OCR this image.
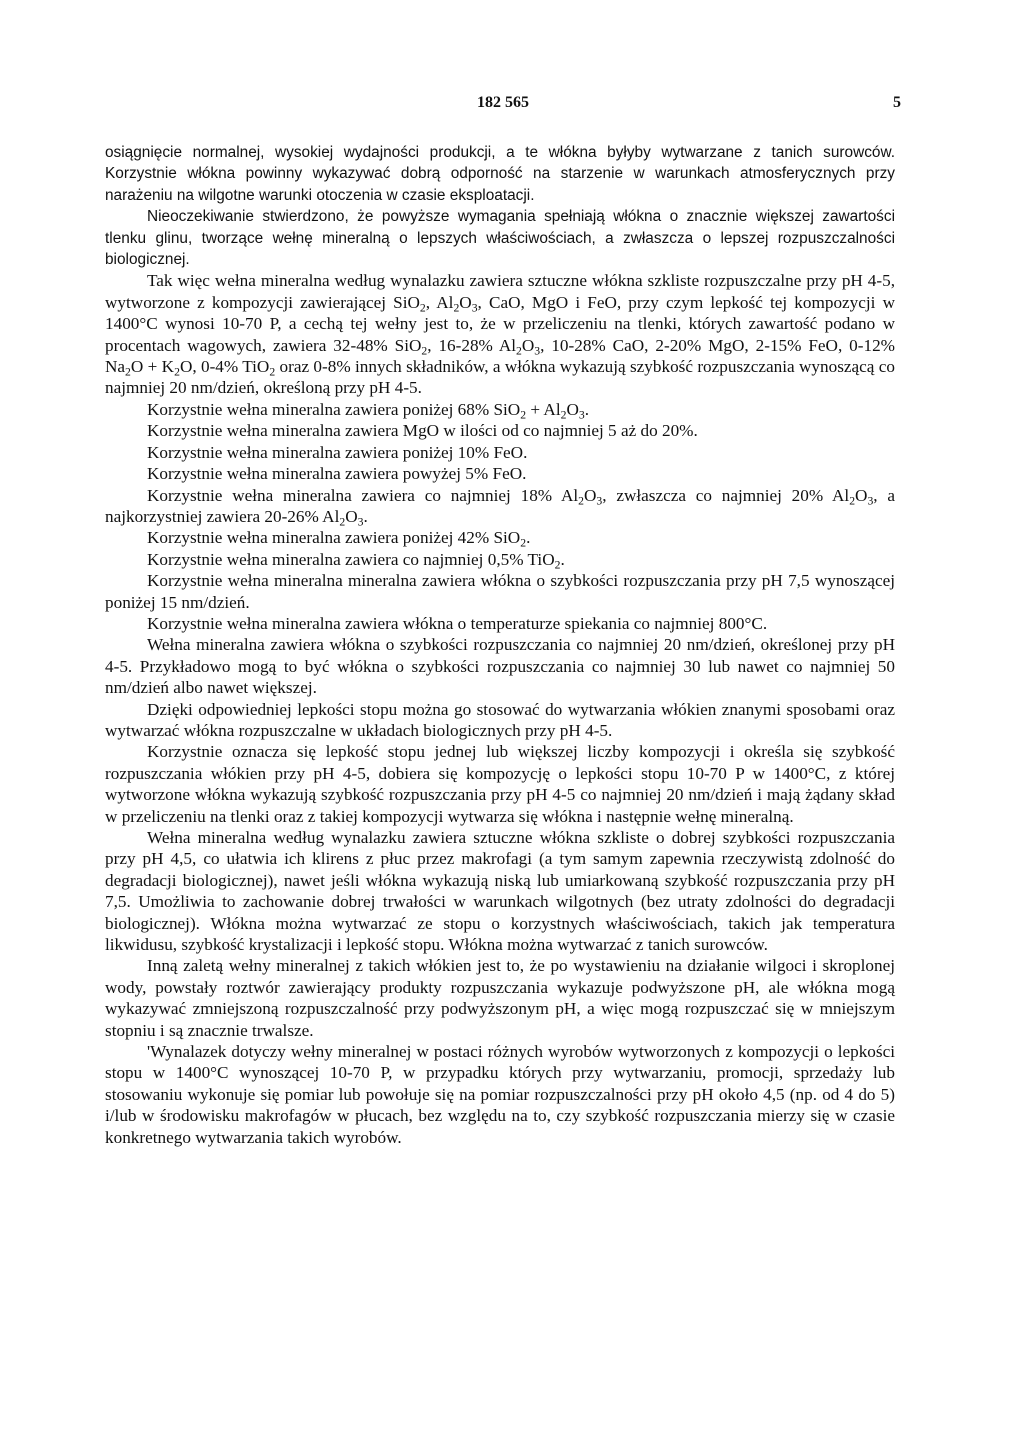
182 565	5

osiągnięcie normalnej, wysokiej wydajności produkcji, a te włókna byłyby wytwarzane z tanich surowców. Korzystnie włókna powinny wykazywać dobrą odporność na starzenie w warunkach atmosferycznych przy narażeniu na wilgotne warunki otoczenia w czasie eksploatacji.

Nieoczekiwanie stwierdzono, że powyższe wymagania spełniają włókna o znacznie większej zawartości tlenku glinu, tworzące wełnę mineralną o lepszych właściwościach, a zwłaszcza o lepszej rozpuszczalności biologicznej.

Tak więc wełna mineralna według wynalazku zawiera sztuczne włókna szkliste rozpuszczalne przy pH 4-5, wytworzone z kompozycji zawierającej SiO$_2$, $Al_2O_3$, CaO, MgO i FeO, przy czym lepkość tej kompozycji w 1400°C wynosi 10-70 P, a cechą tej wełny jest to, że w przeliczeniu na tlenki, których zawartość podano w procentach wagowych, zawiera 32-48% SiO$_2$, 16-28% $Al_2O_3$, 10-28% CaO, 2-20% MgO, 2-15% FeO, 0-12% $Na_2O + K_2O$, 0-4% TiO$_2$ oraz 0-8% innych składników, a włókna wykazują szybkość rozpuszczania wynoszącą co najmniej 20 nm/dzień, określoną przy pH 4-5.

Korzystnie wełna mineralna zawiera poniżej 68% $SiO_2 + Al_2O_3$.

Korzystnie wełna mineralna zawiera MgO w ilości od co najmniej 5 aż do 20%.

Korzystnie wełna mineralna zawiera poniżej 10% FeO.

Korzystnie wełna mineralna zawiera powyżej 5% FeO.

Korzystnie wełna mineralna zawiera co najmniej 18% $Al_2O_3$, zwłaszcza co najmniej 20% $Al_2O_3$, a najkorzystniej zawiera 20-26% $Al_2O_3$.

Korzystnie wełna mineralna zawiera poniżej 42% SiO$_2$.

Korzystnie wełna mineralna zawiera co najmniej 0,5% TiO$_2$.

Korzystnie wełna mineralna mineralna zawiera włókna o szybkości rozpuszczania przy pH 7,5 wynoszącej poniżej 15 nm/dzień.

Korzystnie wełna mineralna zawiera włókna o temperaturze spiekania co najmniej 800°C.

Wełna mineralna zawiera włókna o szybkości rozpuszczania co najmniej 20 nm/dzień, określonej przy pH 4-5. Przykładowo mogą to być włókna o szybkości rozpuszczania co najmniej 30 lub nawet co najmniej 50 nm/dzień albo nawet większej.

Dzięki odpowiedniej lepkości stopu można go stosować do wytwarzania włókien znanymi sposobami oraz wytwarzać włókna rozpuszczalne w układach biologicznych przy pH 4-5.

Korzystnie oznacza się lepkość stopu jednej lub większej liczby kompozycji i określa się szybkość rozpuszczania włókien przy pH 4-5, dobiera się kompozycję o lepkości stopu 10-70 P w 1400°C, z której wytworzone włókna wykazują szybkość rozpuszczania przy pH 4-5 co najmniej 20 nm/dzień i mają żądany skład w przeliczeniu na tlenki oraz z takiej kompozycji wytwarza się włókna i następnie wełnę mineralną.

Wełna mineralna według wynalazku zawiera sztuczne włókna szkliste o dobrej szybkości rozpuszczania przy pH 4,5, co ułatwia ich klirens z płuc przez makrofagi (a tym samym zapewnia rzeczywistą zdolność do degradacji biologicznej), nawet jeśli włókna wykazują niską lub umiarkowaną szybkość rozpuszczania przy pH 7,5. Umożliwia to zachowanie dobrej trwałości w warunkach wilgotnych (bez utraty zdolności do degradacji biologicznej). Włókna można wytwarzać ze stopu o korzystnych właściwościach, takich jak temperatura likwidusu, szybkość krystalizacji i lepkość stopu. Włókna można wytwarzać z tanich surowców.

Inną zaletą wełny mineralnej z takich włókien jest to, że po wystawieniu na działanie wilgoci i skroplonej wody, powstały roztwór zawierający produkty rozpuszczania wykazuje podwyższone pH, ale włókna mogą wykazywać zmniejszoną rozpuszczalność przy podwyższonym pH, a więc mogą rozpuszczać się w mniejszym stopniu i są znacznie trwalsze.

'Wynalazek dotyczy wełny mineralnej w postaci różnych wyrobów wytworzonych z kompozycji o lepkości stopu w 1400°C wynoszącej 10-70 P, w przypadku których przy wytwarzaniu, promocji, sprzedaży lub stosowaniu wykonuje się pomiar lub powołuje się na pomiar rozpuszczalności przy pH około 4,5 (np. od 4 do 5) i/lub w środowisku makrofagów w płucach, bez względu na to, czy szybkość rozpuszczania mierzy się w czasie konkretnego wytwarzania takich wyrobów.
